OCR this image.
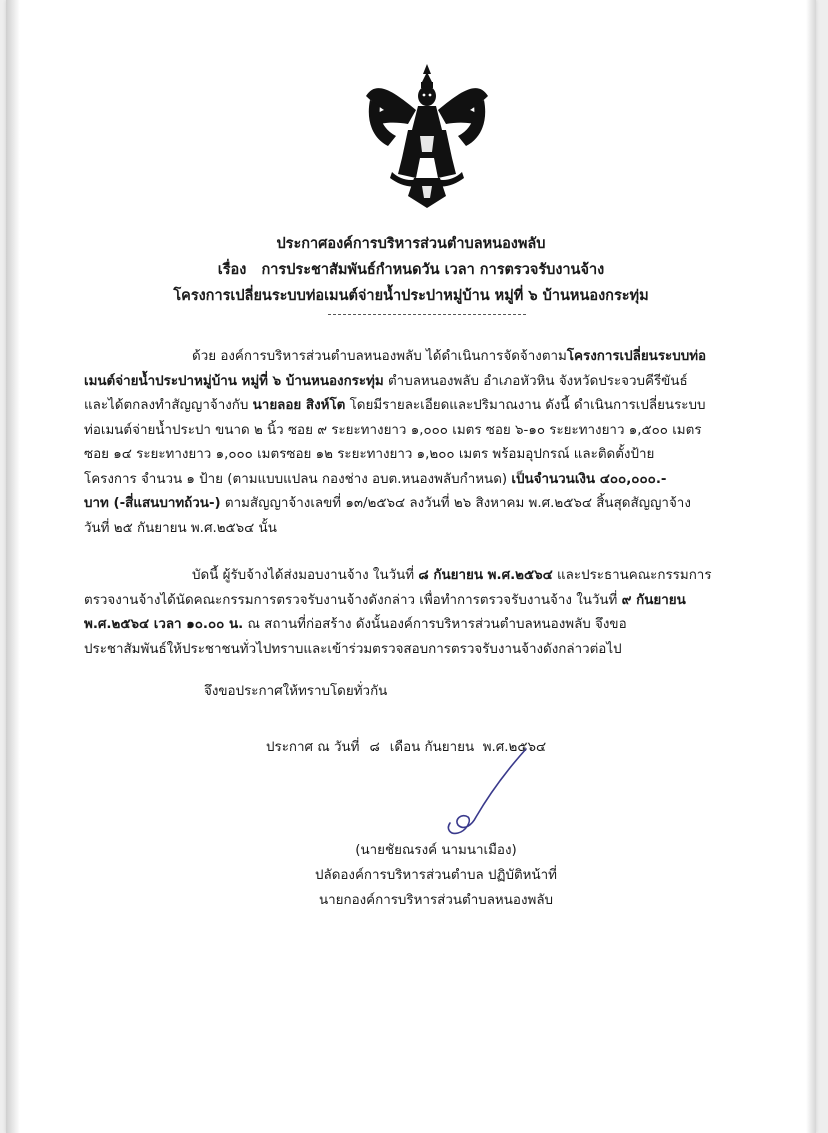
ประกาศองค์การบริหารส่วนตำบลหนองพลับ
เรื่อง การประชาสัมพันธ์กำหนดวัน เวลา การตรวจรับงานจ้าง
โครงการเปลี่ยนระบบท่อเมนต์จ่ายน้ำประปาหมู่บ้าน หมู่ที่ ๖ บ้านหนองกระทุ่ม
ด้วย องค์การบริหารส่วนตำบลหนองพลับ ได้ดำเนินการจัดจ้างตามโครงการเปลี่ยนระบบท่อ
เมนต์จ่ายน้ำประปาหมู่บ้าน หมู่ที่ ๖ บ้านหนองกระทุ่ม ตำบลหนองพลับ อำเภอหัวหิน จังหวัดประจวบคีรีขันธ์
และได้ตกลงทำสัญญาจ้างกับ นายลอย สิงห์โต โดยมีรายละเอียดและปริมาณงาน ดังนี้ ดำเนินการเปลี่ยนระบบ
ท่อเมนต์จ่ายน้ำประปา ขนาด ๒ นิ้ว ซอย ๙ ระยะทางยาว ๑,๐๐๐ เมตร ซอย ๖-๑๐ ระยะทางยาว ๑,๕๐๐ เมตร
ซอย ๑๔ ระยะทางยาว ๑,๐๐๐ เมตรซอย ๑๒ ระยะทางยาว ๑,๒๐๐ เมตร พร้อมอุปกรณ์ และติดตั้งป้าย
โครงการ จำนวน ๑ ป้าย (ตามแบบแปลน กองช่าง อบต.หนองพลับกำหนด) เป็นจำนวนเงิน ๔๐๐,๐๐๐.-
บาท (-สี่แสนบาทถ้วน-) ตามสัญญาจ้างเลขที่ ๑๓/๒๕๖๔ ลงวันที่ ๒๖ สิงหาคม พ.ศ.๒๕๖๔ สิ้นสุดสัญญาจ้าง
วันที่ ๒๕ กันยายน พ.ศ.๒๕๖๔ นั้น
บัดนี้ ผู้รับจ้างได้ส่งมอบงานจ้าง ในวันที่ ๘ กันยายน พ.ศ.๒๕๖๔ และประธานคณะกรรมการ
ตรวจงานจ้างได้นัดคณะกรรมการตรวจรับงานจ้างดังกล่าว เพื่อทำการตรวจรับงานจ้าง ในวันที่ ๙ กันยายน
พ.ศ.๒๕๖๔ เวลา ๑๐.๐๐ น. ณ สถานที่ก่อสร้าง ดังนั้นองค์การบริหารส่วนตำบลหนองพลับ จึงขอ
ประชาสัมพันธ์ให้ประชาชนทั่วไปทราบและเข้าร่วมตรวจสอบการตรวจรับงานจ้างดังกล่าวต่อไป
จึงขอประกาศให้ทราบโดยทั่วกัน
ประกาศ ณ วันที่ ๘ เดือน กันยายน พ.ศ.๒๕๖๔
(นายชัยณรงค์ นามนาเมือง)
ปลัดองค์การบริหารส่วนตำบล ปฏิบัติหน้าที่
นายกองค์การบริหารส่วนตำบลหนองพลับ
